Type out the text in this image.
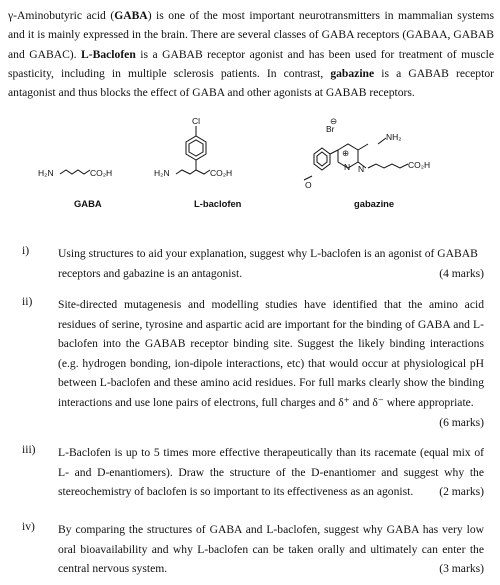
γ-Aminobutyric acid (GABA) is one of the most important neurotransmitters in mammalian systems and it is mainly expressed in the brain. There are several classes of GABA receptors (GABAA, GABAB and GABAC). L-Baclofen is a GABAB receptor agonist and has been used for treatment of muscle spasticity, including in multiple sclerosis patients. In contrast, gabazine is a GABAB receptor antagonist and thus blocks the effect of GABA and other agonists at GABAB receptors.
H₂N	CO₂H
Cl
H₂N	CO₂H
O
Br
⊖
⊕
N N
NH₂
CO₂H
GABA	L-baclofen	gabazine
i) Using structures to aid your explanation, suggest why L-baclofen is an agonist of GABAB
receptors and gabazine is an antagonist.	(4 marks)

ii) Site-directed mutagenesis and modelling studies have identified that the amino acid residues of serine, tyrosine and aspartic acid are important for the binding of GABA and L-baclofen into the GABAB receptor binding site. Suggest the likely binding interactions (e.g. hydrogen bonding, ion-dipole interactions, etc) that would occur at physiological pH between L-baclofen and these amino acid residues. For full marks clearly show the binding interactions and use lone pairs of electrons, full charges and δ⁺ and δ⁻ where appropriate.

(6 marks)

iii) L-Baclofen is up to 5 times more effective therapeutically than its racemate (equal mix of L- and D-enantiomers). Draw the structure of the D-enantiomer and suggest why the stereochemistry of baclofen is so important to its effectiveness as an agonist. (2 marks)

iv) By comparing the structures of GABA and L-baclofen, suggest why GABA has very low oral bioavailability and why L-baclofen can be taken orally and ultimately can enter the central nervous system.	(3 marks)
